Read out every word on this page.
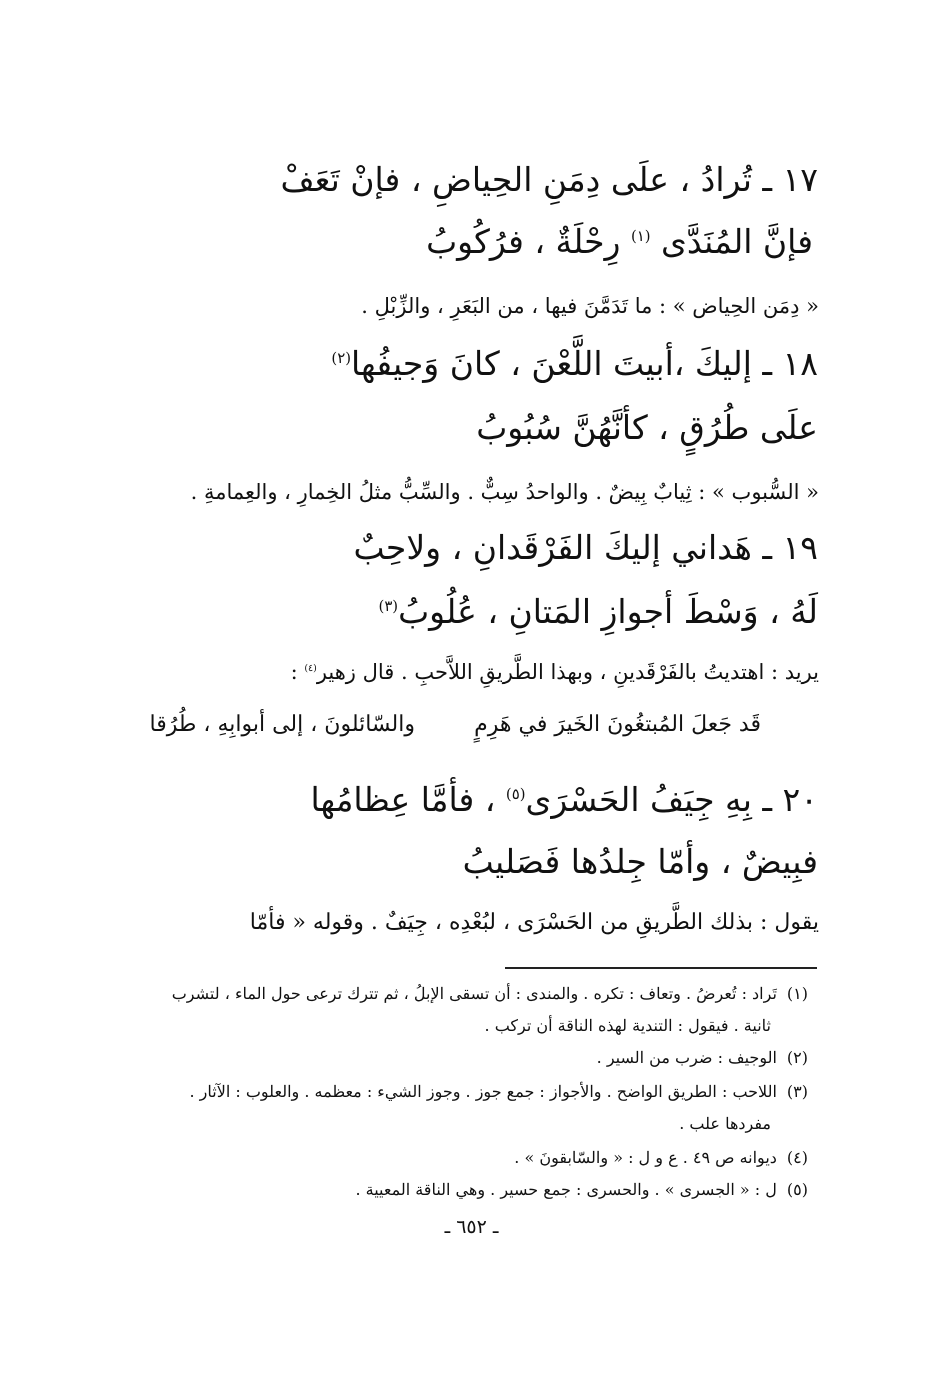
١٧ ـ تُرادُ ، علَى دِمَنِ الحِياضِ ، فإنْ تَعَفْ
فإنَّ المُنَدَّى $^{(١)}$ رِحْلَةٌ ، فرُكُوبُ
« دِمَن الحِياض » : ما تَدَمَّنَ فيها ، من البَعَرِ ، والزِّبْلِ .
١٨ ـ إليكَ ،أبيتَ اللَّعْنَ ، كانَ وَجيفُها$^{(٢)}$
علَى طُرُقٍ ، كأنَّهُنَّ سُبُوبُ
« السُّبوب » : ثِيابٌ بِيضٌ . والواحدُ سِبٌّ . والسِّبُّ مثلُ الخِمارِ ، والعِمامةِ .
١٩ ـ هَداني إليكَ الفَرْقَدانِ ، ولاحِبٌ
لَهُ ، وَسْطَ أجوازِ المَتانِ ، عُلُوبُ$^{(٣)}$
يريد : اهتديتُ بالفَرْقَدينِ ، وبهذا الطَّريقِ اللاَّحبِ . قال زهير$^{(٤)}$ :
قَد جَعلَ المُبتغُونَ الخَيرَ في هَرِمٍ
والسّائلونَ ، إلى أبوابِهِ ، طُرُقا
٢٠ ـ بِهِ جِيَفُ الحَسْرَى$^{(٥)}$ ، فأمَّا عِظامُها
فبِيضٌ ، وأمّا جِلدُها فَصَليبُ
يقول : بذلك الطَّريقِ من الحَسْرَى ، لبُعْدِه ، جِيَفٌ . وقوله « فأمّا
(١)تَراد : تُعرضُ . وتعاف : تكره . والمندى : أن تسقى الإبلُ ، ثم تترك ترعى حول الماء ، لتشرب
ثانية . فيقول : التندية لهذه الناقة أن تركب .
(٢)الوجيف : ضرب من السير .
(٣)اللاحب : الطريق الواضح . والأجواز : جمع جوز . وجوز الشيء : معظمه . والعلوب : الآثار .
مفردها علب .
(٤)ديوانه ص ٤٩ . ع و ل : « والسّابقونَ » .
(٥)ل : « الجسرى » . والحسرى : جمع حسير . وهي الناقة المعيية .
ـ ٦٥٢ ـ
